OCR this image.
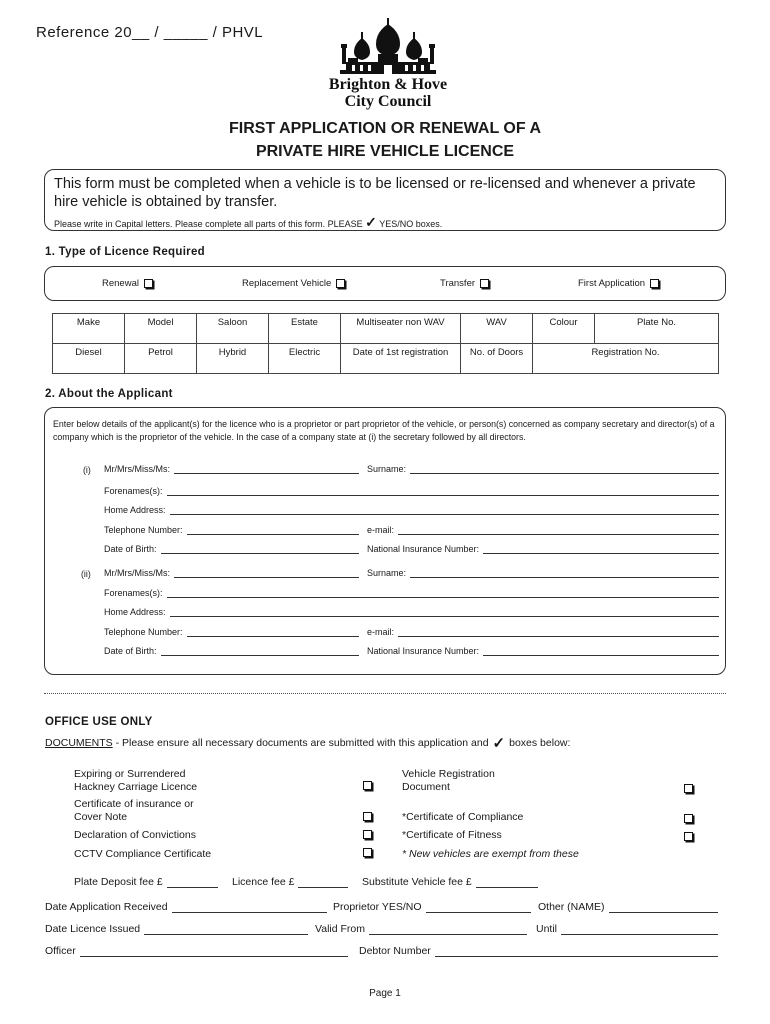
Reference 20__ / _____ / PHVL
Brighton & Hove
City Council
FIRST APPLICATION OR RENEWAL OF A
PRIVATE HIRE VEHICLE LICENCE
This form must be completed when a vehicle is to be licensed or re-licensed and whenever a private hire vehicle is obtained by transfer.
Please write in Capital letters. Please complete all parts of this form. PLEASE ✓ YES/NO boxes.
1. Type of Licence Required
Renewal	Replacement Vehicle	Transfer	First Application
Make	Model	Saloon	Estate	Multiseater non WAV	WAV	Colour	Plate No.
Diesel	Petrol	Hybrid	Electric	Date of 1st registration	No. of Doors	Registration No.	
2. About the Applicant
Enter below details of the applicant(s) for the licence who is a proprietor or part proprietor of the vehicle, or person(s) concerned as company secretary and director(s) of a company which is the proprietor of the vehicle. In the case of a company state at (i) the secretary followed by all directors.
(i) Mr/Mrs/Miss/Ms:	Surname:
Forenames(s):
Home Address:
Telephone Number:	e-mail:
Date of Birth:	National Insurance Number:
(ii) Mr/Mrs/Miss/Ms:	Surname:
Forenames(s):
Home Address:
Telephone Number:	e-mail:
Date of Birth:	National Insurance Number:
OFFICE USE ONLY
DOCUMENTS - Please ensure all necessary documents are submitted with this application and ✓ boxes below:
Expiring or Surrendered Hackney Carriage Licence
Certificate of insurance or Cover Note
Declaration of Convictions
CCTV Compliance Certificate
Vehicle Registration Document
*Certificate of Compliance
*Certificate of Fitness
* New vehicles are exempt from these
Plate Deposit fee £	Licence fee £	Substitute Vehicle fee £
Date Application Received	Proprietor YES/NO	Other (NAME)
Date Licence Issued	Valid From	Until
Officer	Debtor Number
Page 1
